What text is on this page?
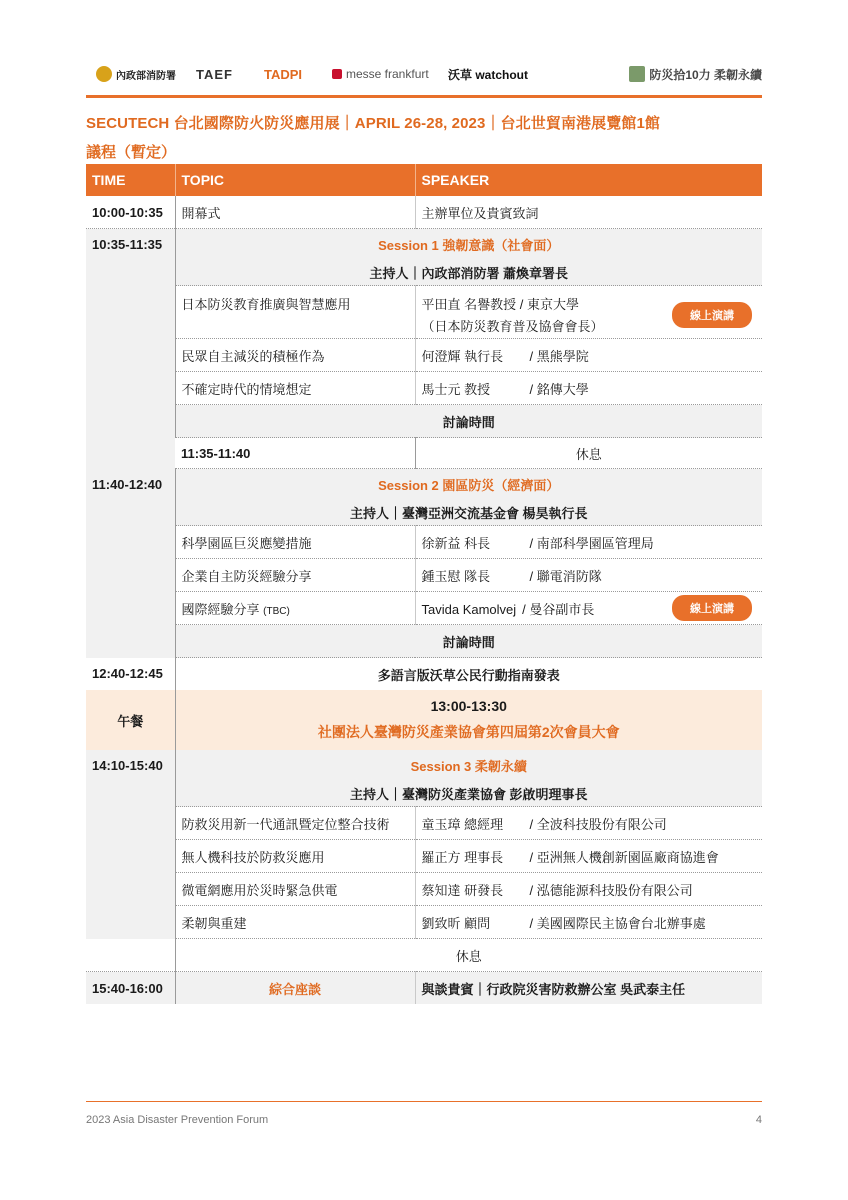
內政部消防署 TAEF TADPI	messe frankfurt 沃草 watchout	防災拾10力 柔韌永續
SECUTECH 台北國際防火防災應用展｜APRIL 26-28, 2023｜台北世貿南港展覽館1館
議程（暫定）
TIME	TOPIC	SPEAKER
10:00-10:35	開幕式	主辦單位及貴賓致詞
10:35-11:35	Session 1 強韌意識（社會面）	
	主持人｜內政部消防署 蕭煥章署長	
	日本防災教育推廣與智慧應用	平田直 名譽教授 / 東京大學
（日本防災教育普及協會會長）
線上演講

	民眾自主減災的積極作為	何澄輝 執行長 / 黑熊學院
	不確定時代的情境想定	馬士元 教授 / 銘傳大學
	討論時間	
	11:35-11:40	休息
11:40-12:40	Session 2 園區防災（經濟面）	
	主持人｜臺灣亞洲交流基金會 楊昊執行長	
	科學園區巨災應變措施	徐新益 科長 / 南部科學園區管理局
	企業自主防災經驗分享	鍾玉慰 隊長 / 聯電消防隊
	國際經驗分享 (TBC)	Tavida Kamolvej / 曼谷副市長 線上演講

	討論時間	
12:40-12:45	多語言版沃草公民行動指南發表	
午餐	13:00-13:30
社團法人臺灣防災產業協會第四屆第2次會員大會	

14:10-15:40	Session 3 柔韌永續	
	主持人｜臺灣防災產業協會 彭啟明理事長	
	防救災用新一代通訊暨定位整合技術	童玉璋 總經理 / 全波科技股份有限公司
	無人機科技於防救災應用	羅正方 理事長 / 亞洲無人機創新園區廠商協進會
	微電網應用於災時緊急供電	蔡知達 研發長 / 泓德能源科技股份有限公司
	柔韌與重建	劉致昕 顧問 / 美國國際民主協會台北辦事處
	休息	
15:40-16:00	綜合座談	與談貴賓｜行政院災害防救辦公室 吳武泰主任
2023 Asia Disaster Prevention Forum	4
